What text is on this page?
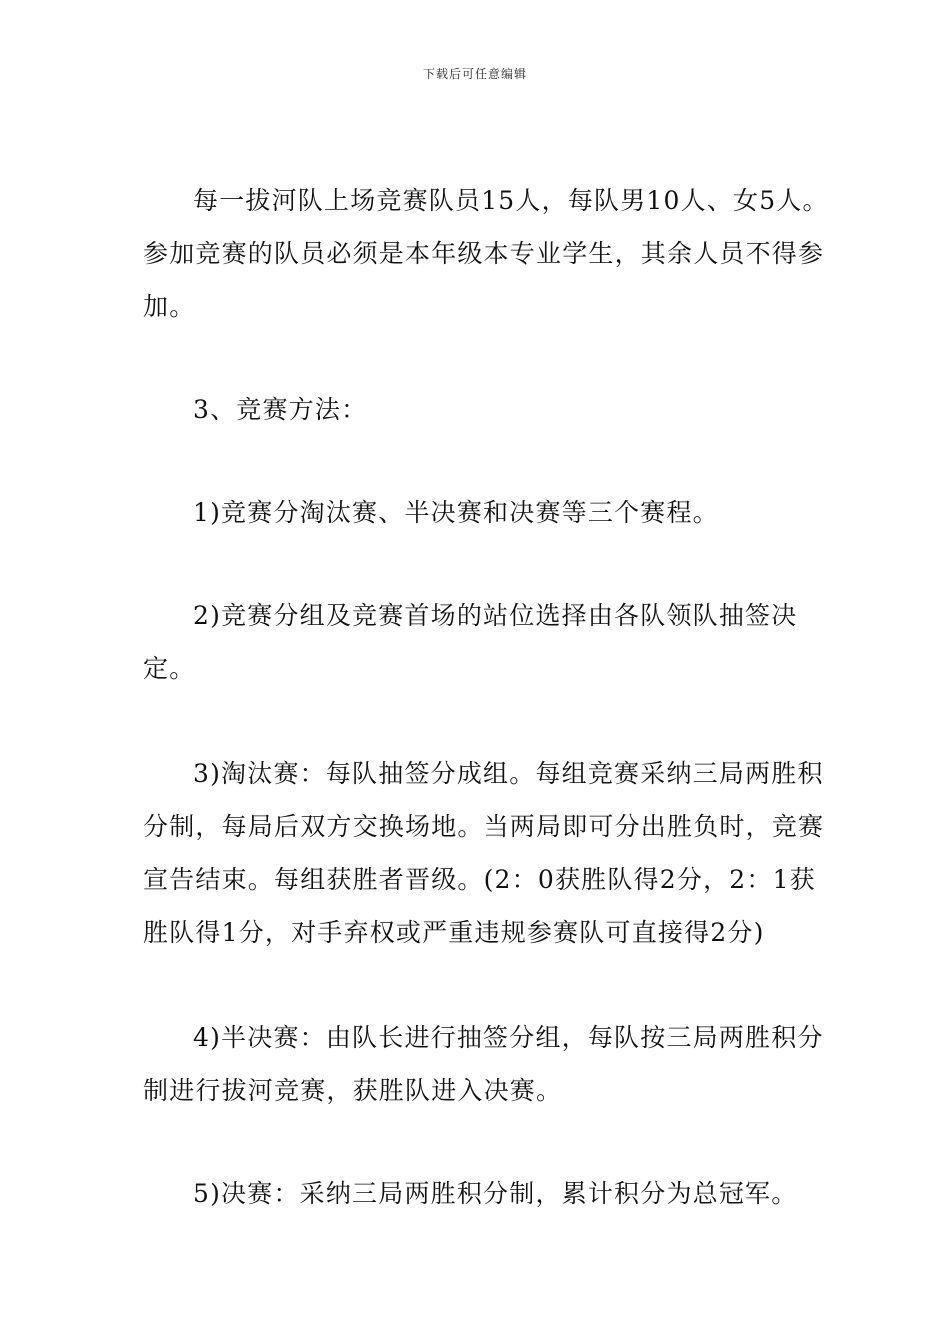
下载后可任意编辑

每一拔河队上场竞赛队员15人，每队男10人、女5人。参加竞赛的队员必须是本年级本专业学生，其余人员不得参加。

3、竞赛方法：

1)竞赛分淘汰赛、半决赛和决赛等三个赛程。

2)竞赛分组及竞赛首场的站位选择由各队领队抽签决定。

3)淘汰赛：每队抽签分成组。每组竞赛采纳三局两胜积分制，每局后双方交换场地。当两局即可分出胜负时，竞赛宣告结束。每组获胜者晋级。(2：0获胜队得2分，2：1获胜队得1分，对手弃权或严重违规参赛队可直接得2分)

4)半决赛：由队长进行抽签分组，每队按三局两胜积分制进行拔河竞赛，获胜队进入决赛。

5)决赛：采纳三局两胜积分制，累计积分为总冠军。
